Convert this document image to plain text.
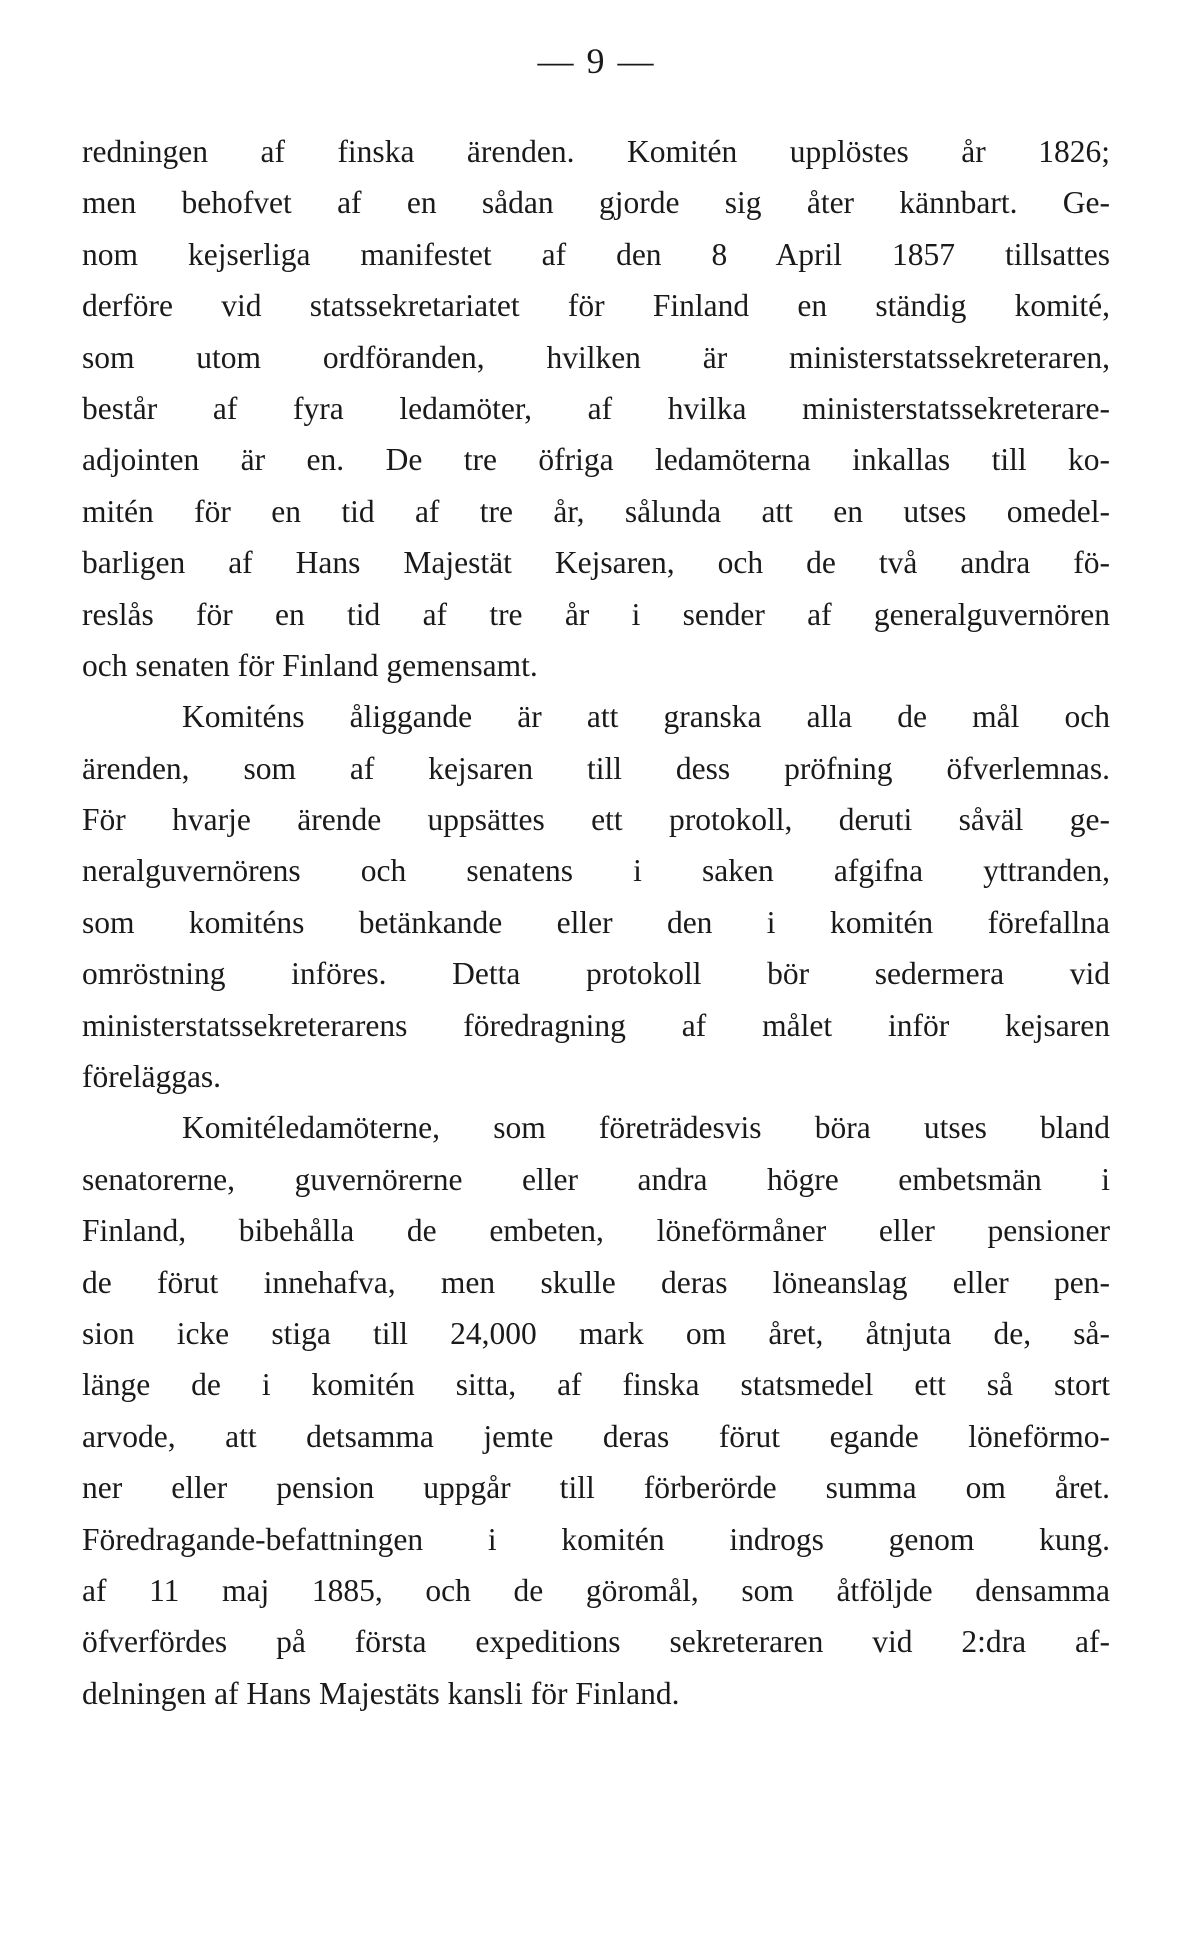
— 9 —
redningen af finska ärenden. Komitén upplöstes år 1826;
men behofvet af en sådan gjorde sig åter kännbart. Ge-
nom kejserliga manifestet af den 8 April 1857 tillsattes
derföre vid statssekretariatet för Finland en ständig komité,
som utom ordföranden, hvilken är ministerstatssekreteraren,
består af fyra ledamöter, af hvilka ministerstatssekreterare-
adjointen är en. De tre öfriga ledamöterna inkallas till ko-
mitén för en tid af tre år, sålunda att en utses omedel-
barligen af Hans Majestät Kejsaren, och de två andra fö-
reslås för en tid af tre år i sender af generalguvernören
och senaten för Finland gemensamt.
Komiténs åliggande är att granska alla de mål och
ärenden, som af kejsaren till dess pröfning öfverlemnas.
För hvarje ärende uppsättes ett protokoll, deruti såväl ge-
neralguvernörens och senatens i saken afgifna yttranden,
som komiténs betänkande eller den i komitén förefallna
omröstning införes. Detta protokoll bör sedermera vid
ministerstatssekreterarens föredragning af målet inför kejsaren
föreläggas.
Komitéledamöterne, som företrädesvis böra utses bland
senatorerne, guvernörerne eller andra högre embetsmän i
Finland, bibehålla de embeten, löneförmåner eller pensioner
de förut innehafva, men skulle deras löneanslag eller pen-
sion icke stiga till 24,000 mark om året, åtnjuta de, så-
länge de i komitén sitta, af finska statsmedel ett så stort
arvode, att detsamma jemte deras förut egande löneförmo-
ner eller pension uppgår till förberörde summa om året.
Föredragande-befattningen i komitén indrogs genom kung.
af 11 maj 1885, och de göromål, som åtföljde densamma
öfverfördes på första expeditions sekreteraren vid 2:dra af-
delningen af Hans Majestäts kansli för Finland.
